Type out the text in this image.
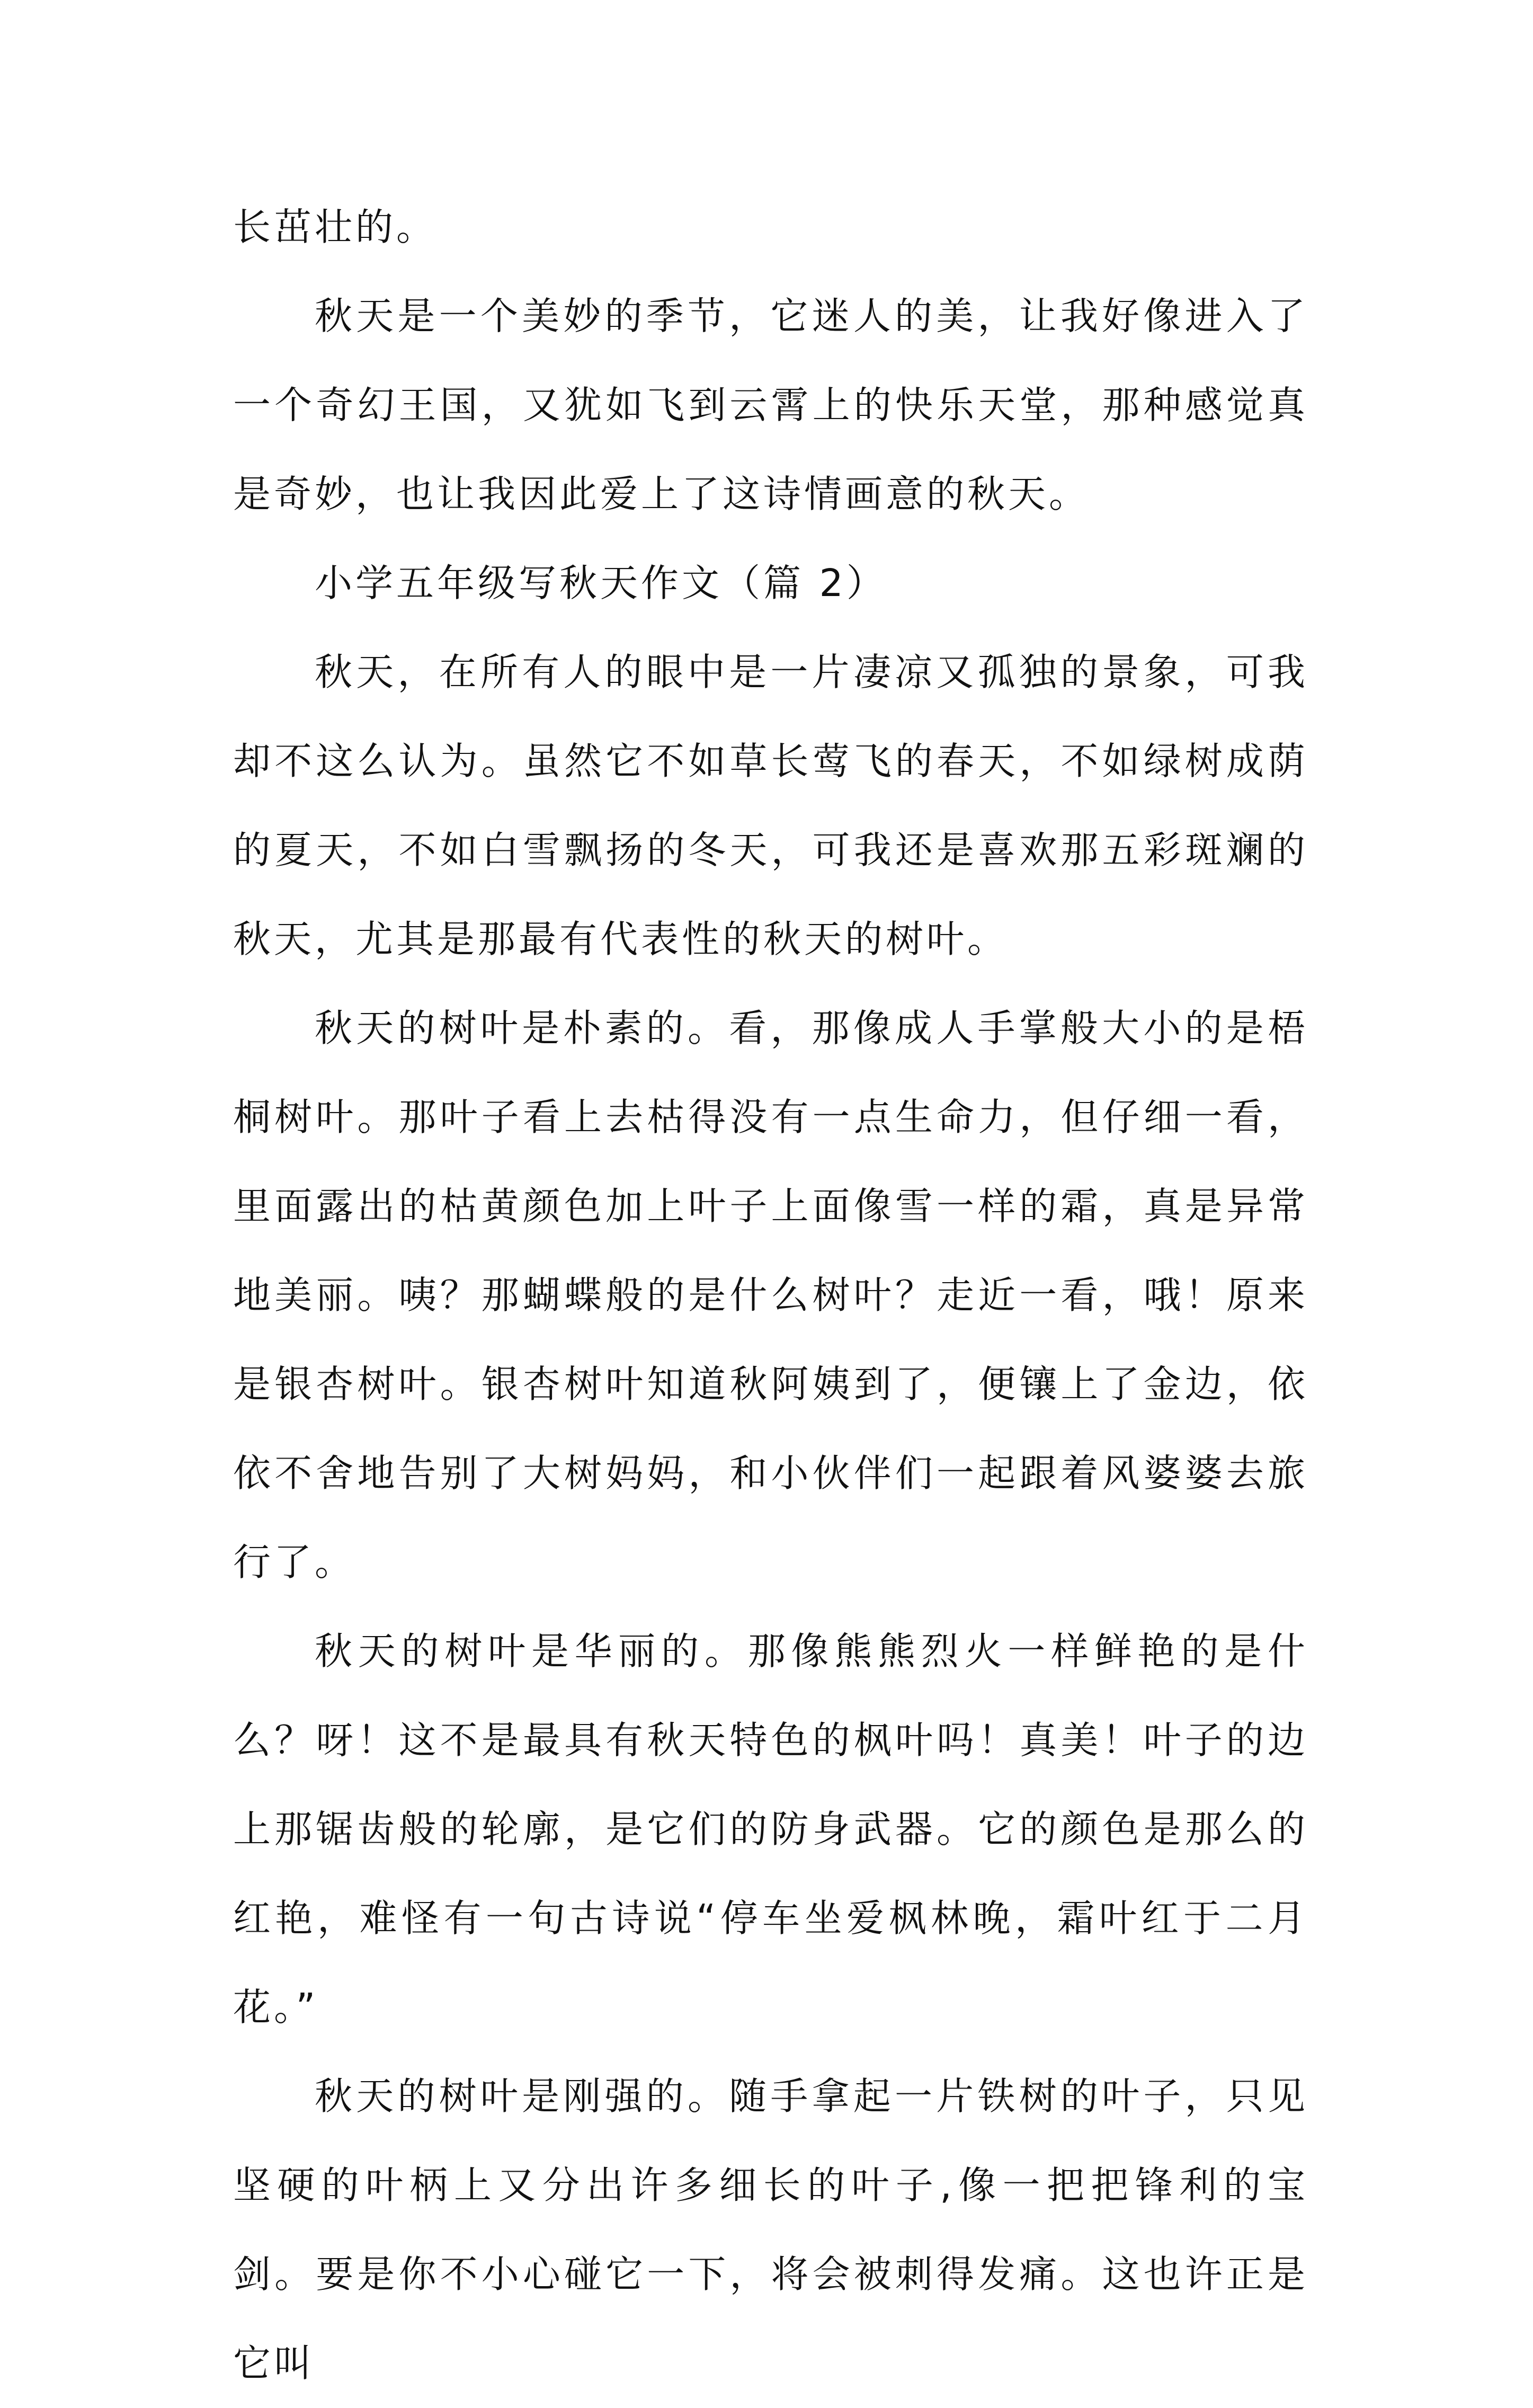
长茁壮的。

秋天是一个美妙的季节，它迷人的美，让我好像进入了一个奇幻王国，又犹如飞到云霄上的快乐天堂，那种感觉真是奇妙，也让我因此爱上了这诗情画意的秋天。

小学五年级写秋天作文（篇 2）

秋天，在所有人的眼中是一片凄凉又孤独的景象，可我却不这么认为。虽然它不如草长莺飞的春天，不如绿树成荫的夏天，不如白雪飘扬的冬天，可我还是喜欢那五彩斑斓的秋天，尤其是那最有代表性的秋天的树叶。

秋天的树叶是朴素的。看，那像成人手掌般大小的是梧桐树叶。那叶子看上去枯得没有一点生命力，但仔细一看，里面露出的枯黄颜色加上叶子上面像雪一样的霜，真是异常地美丽。咦？那蝴蝶般的是什么树叶？走近一看，哦！原来是银杏树叶。银杏树叶知道秋阿姨到了，便镶上了金边，依依不舍地告别了大树妈妈，和小伙伴们一起跟着风婆婆去旅行了。

秋天的树叶是华丽的。那像熊熊烈火一样鲜艳的是什么？呀！这不是最具有秋天特色的枫叶吗！真美！叶子的边上那锯齿般的轮廓，是它们的防身武器。它的颜色是那么的红艳，难怪有一句古诗说“停车坐爱枫林晚，霜叶红于二月花。”

秋天的树叶是刚强的。随手拿起一片铁树的叶子，只见坚硬的叶柄上又分出许多细长的叶子,像一把把锋利的宝剑。要是你不小心碰它一下，将会被刺得发痛。这也许正是它叫
